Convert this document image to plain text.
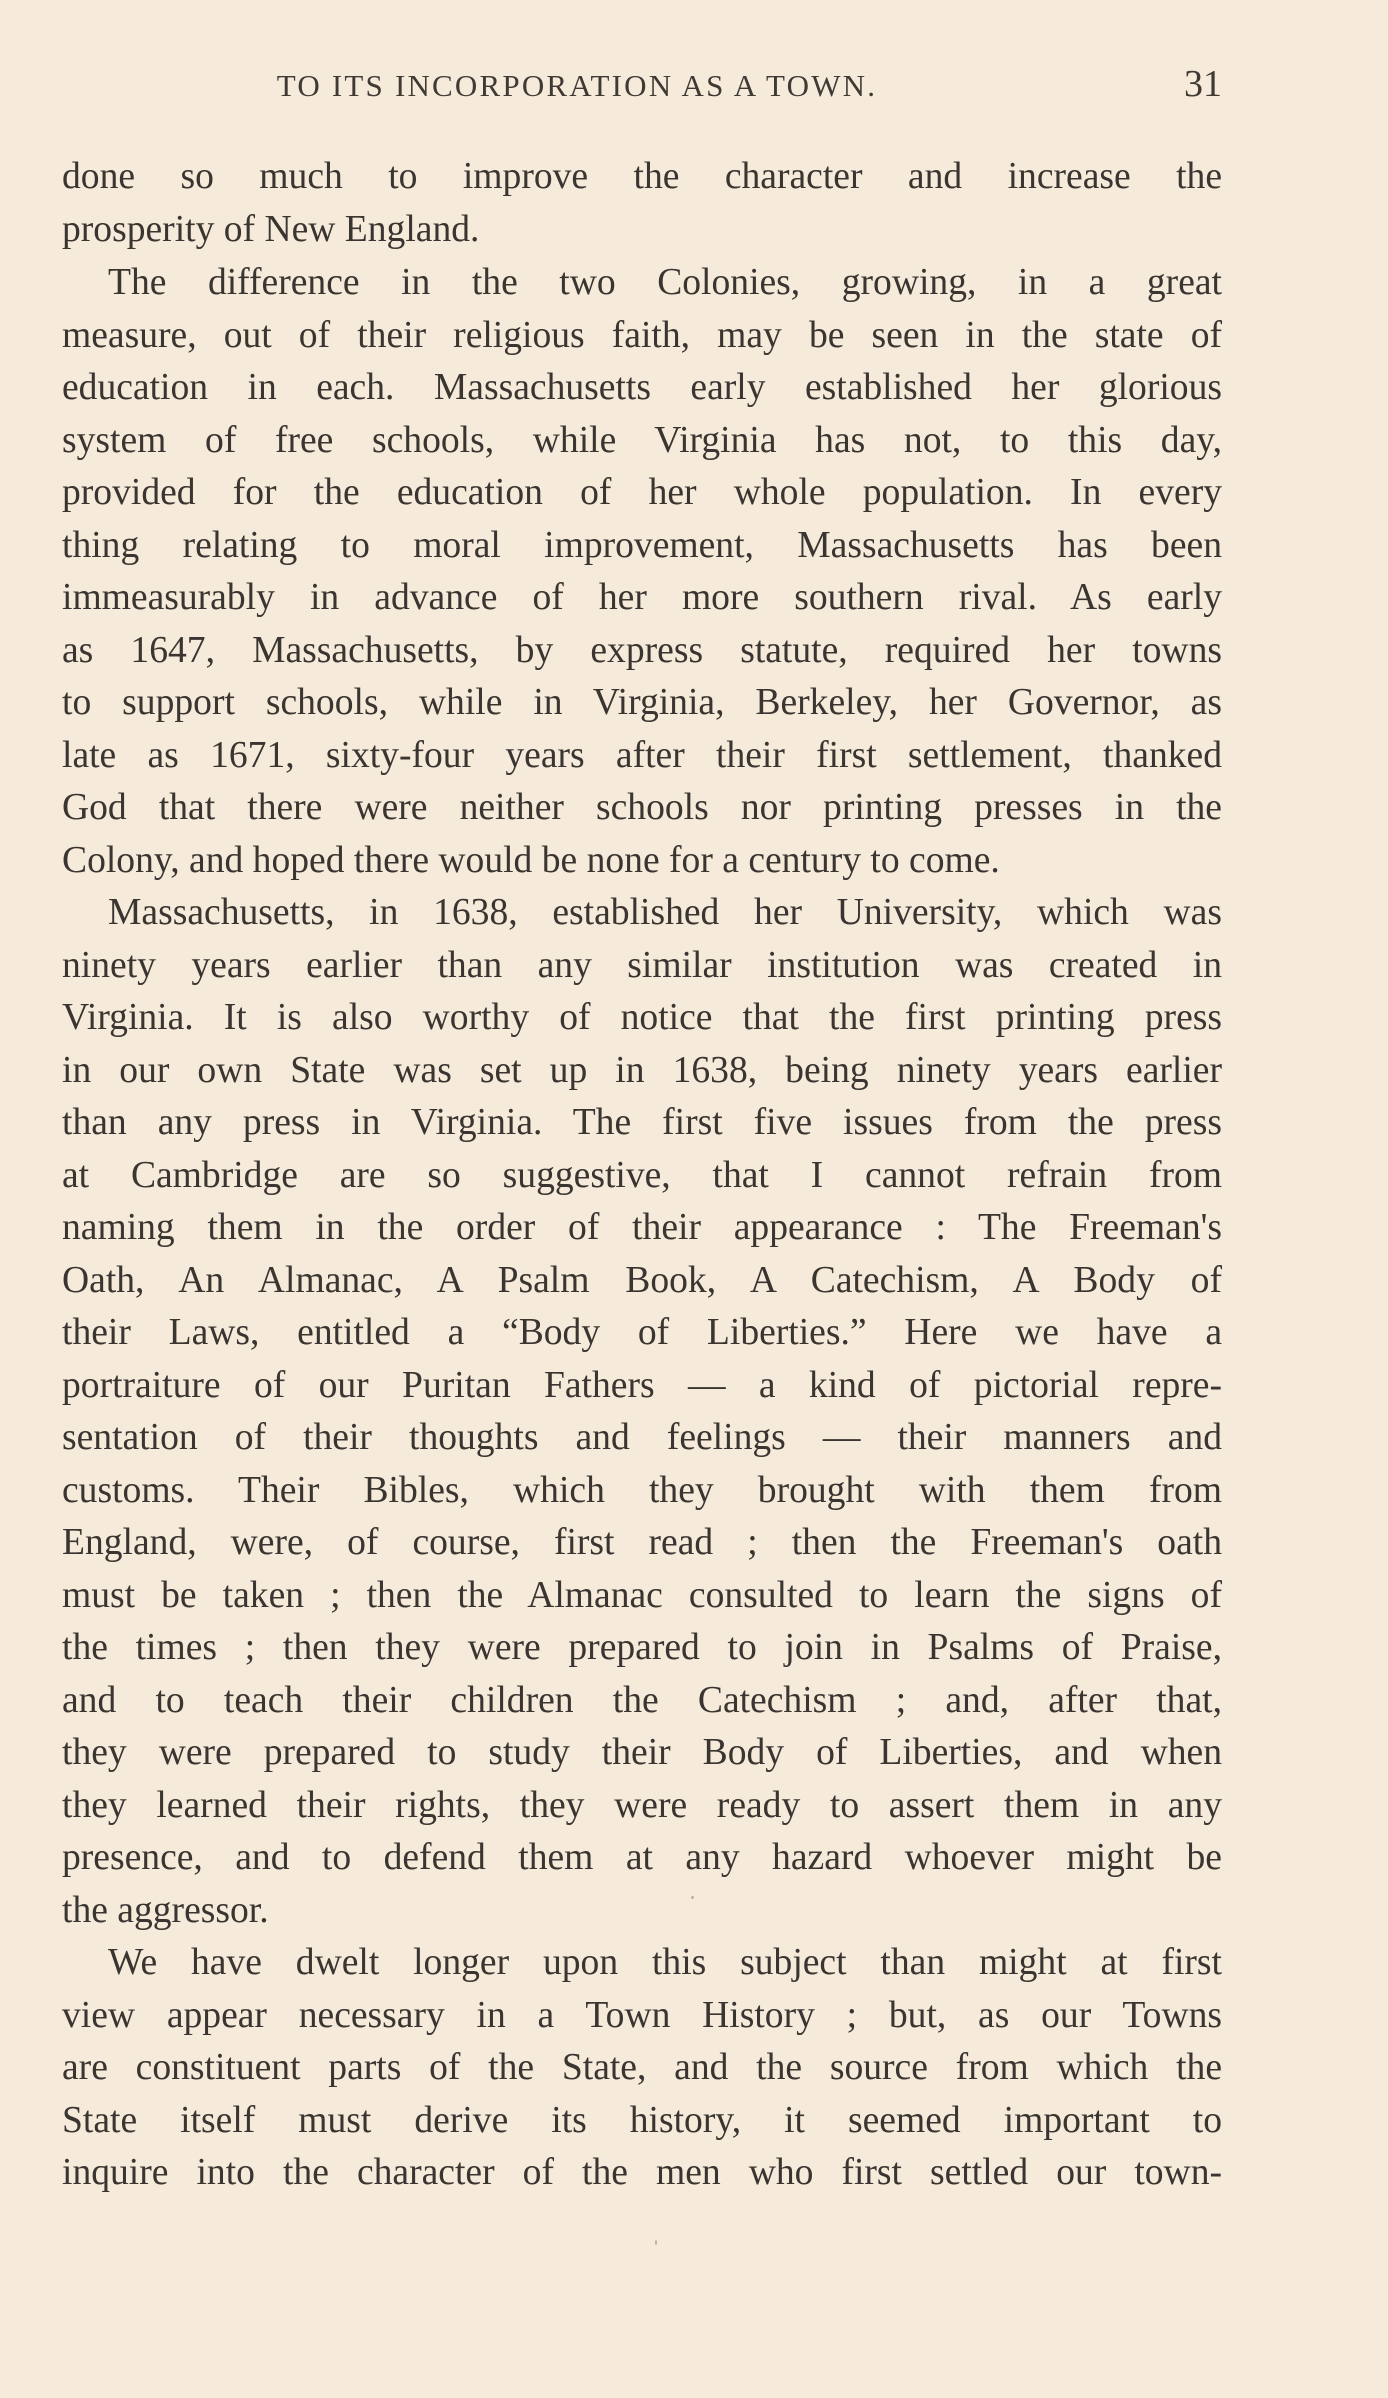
TO ITS INCORPORATION AS A TOWN.	31
done so much to improve the character and increase the
prosperity of New England.
The difference in the two Colonies, growing, in a great
measure, out of their religious faith, may be seen in the state of
education in each. Massachusetts early established her glorious
system of free schools, while Virginia has not, to this day,
provided for the education of her whole population. In every
thing relating to moral improvement, Massachusetts has been
immeasurably in advance of her more southern rival. As early
as 1647, Massachusetts, by express statute, required her towns
to support schools, while in Virginia, Berkeley, her Governor, as
late as 1671, sixty-four years after their first settlement, thanked
God that there were neither schools nor printing presses in the
Colony, and hoped there would be none for a century to come.
Massachusetts, in 1638, established her University, which was
ninety years earlier than any similar institution was created in
Virginia. It is also worthy of notice that the first printing press
in our own State was set up in 1638, being ninety years earlier
than any press in Virginia. The first five issues from the press
at Cambridge are so suggestive, that I cannot refrain from
naming them in the order of their appearance : The Freeman's
Oath, An Almanac, A Psalm Book, A Catechism, A Body of
their Laws, entitled a “Body of Liberties.” Here we have a
portraiture of our Puritan Fathers — a kind of pictorial repre-
sentation of their thoughts and feelings — their manners and
customs. Their Bibles, which they brought with them from
England, were, of course, first read ; then the Freeman's oath
must be taken ; then the Almanac consulted to learn the signs of
the times ; then they were prepared to join in Psalms of Praise,
and to teach their children the Catechism ; and, after that,
they were prepared to study their Body of Liberties, and when
they learned their rights, they were ready to assert them in any
presence, and to defend them at any hazard whoever might be
the aggressor.
We have dwelt longer upon this subject than might at first
view appear necessary in a Town History ; but, as our Towns
are constituent parts of the State, and the source from which the
State itself must derive its history, it seemed important to
inquire into the character of the men who first settled our town-
